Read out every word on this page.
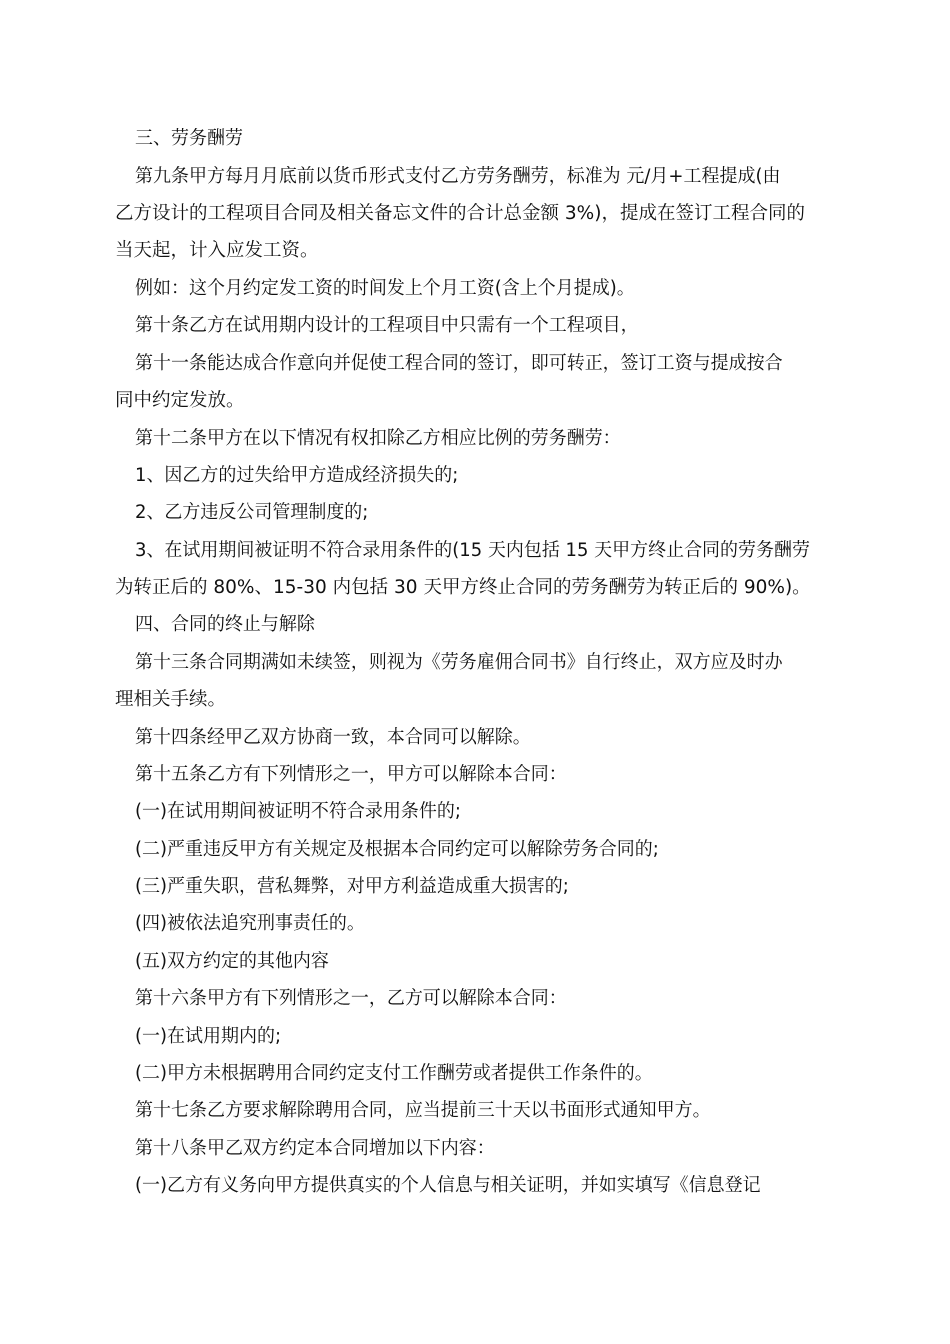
三、劳务酬劳

第九条甲方每月月底前以货币形式支付乙方劳务酬劳，标准为 元/月+工程提成(由

乙方设计的工程项目合同及相关备忘文件的合计总金额 3%)，提成在签订工程合同的

当天起，计入应发工资。

例如：这个月约定发工资的时间发上个月工资(含上个月提成)。

第十条乙方在试用期内设计的工程项目中只需有一个工程项目，

第十一条能达成合作意向并促使工程合同的签订，即可转正，签订工资与提成按合

同中约定发放。

第十二条甲方在以下情况有权扣除乙方相应比例的劳务酬劳：

1、因乙方的过失给甲方造成经济损失的;

2、乙方违反公司管理制度的;

3、在试用期间被证明不符合录用条件的(15 天内包括 15 天甲方终止合同的劳务酬劳

为转正后的 80%、15-30 内包括 30 天甲方终止合同的劳务酬劳为转正后的 90%)。

四、合同的终止与解除

第十三条合同期满如未续签，则视为《劳务雇佣合同书》自行终止，双方应及时办

理相关手续。

第十四条经甲乙双方协商一致，本合同可以解除。

第十五条乙方有下列情形之一，甲方可以解除本合同：

(一)在试用期间被证明不符合录用条件的;

(二)严重违反甲方有关规定及根据本合同约定可以解除劳务合同的;

(三)严重失职，营私舞弊，对甲方利益造成重大损害的;

(四)被依法追究刑事责任的。

(五)双方约定的其他内容

第十六条甲方有下列情形之一，乙方可以解除本合同：

(一)在试用期内的;

(二)甲方未根据聘用合同约定支付工作酬劳或者提供工作条件的。

第十七条乙方要求解除聘用合同，应当提前三十天以书面形式通知甲方。

第十八条甲乙双方约定本合同增加以下内容：

(一)乙方有义务向甲方提供真实的个人信息与相关证明，并如实填写《信息登记
